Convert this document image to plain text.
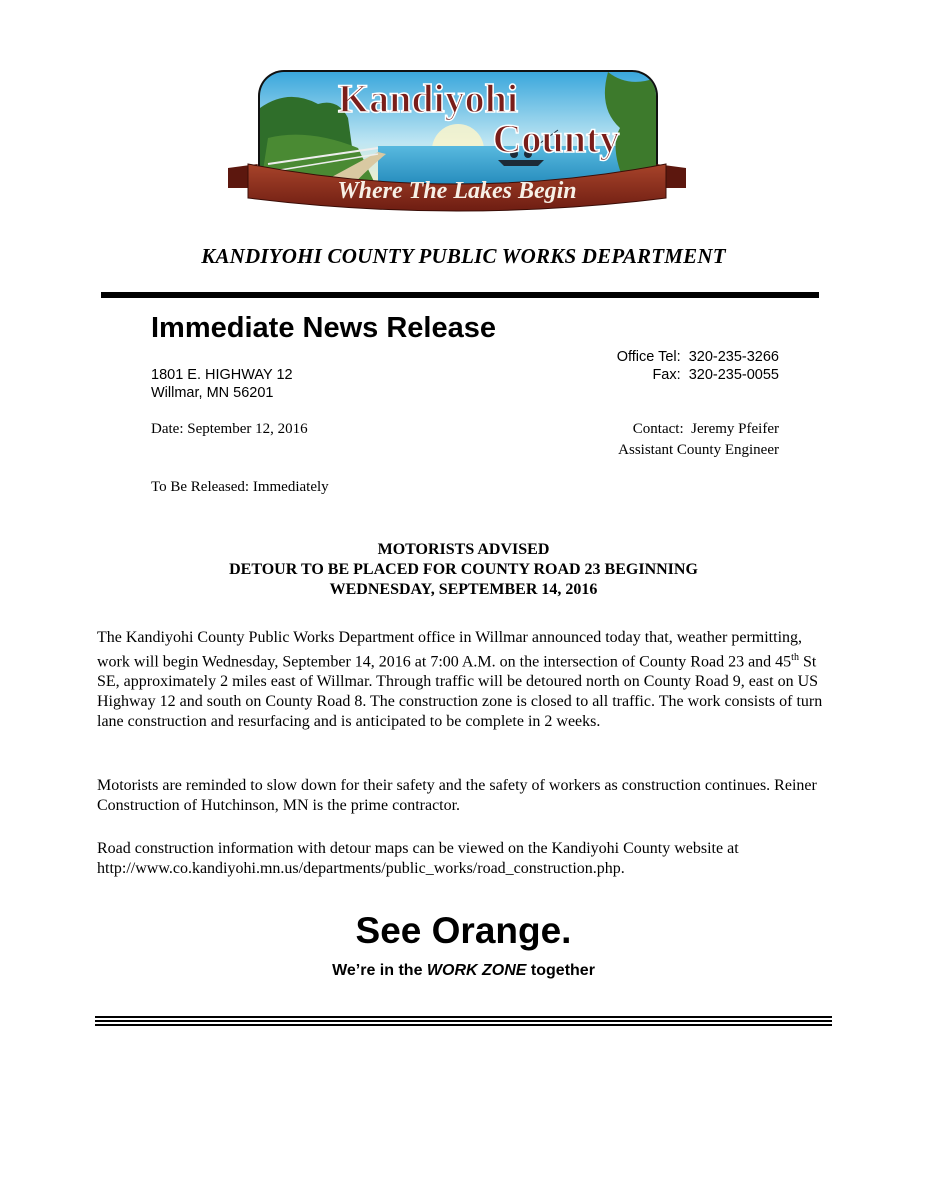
Kandiyohi
County
Where The Lakes Begin
KANDIYOHI COUNTY PUBLIC WORKS DEPARTMENT
Immediate News Release
1801 E. HIGHWAY 12
Willmar, MN 56201
Office Tel:  320-235-3266
Fax:  320-235-0055
Date: September 12, 2016	Contact:  Jeremy Pfeifer
Assistant County Engineer
To Be Released: Immediately
MOTORISTS ADVISED
DETOUR TO BE PLACED FOR COUNTY ROAD 23 BEGINNING
WEDNESDAY, SEPTEMBER 14, 2016
The Kandiyohi County Public Works Department office in Willmar announced today that, weather permitting, work will begin Wednesday, September 14, 2016 at 7:00 A.M. on the intersection of County Road 23 and 45th St SE, approximately 2 miles east of Willmar. Through traffic will be detoured north on County Road 9, east on US Highway 12 and south on County Road 8. The construction zone is closed to all traffic. The work consists of turn lane construction and resurfacing and is anticipated to be complete in 2 weeks.
Motorists are reminded to slow down for their safety and the safety of workers as construction continues. Reiner Construction of Hutchinson, MN is the prime contractor.
Road construction information with detour maps can be viewed on the Kandiyohi County website at
http://www.co.kandiyohi.mn.us/departments/public_works/road_construction.php.
See Orange.
We’re in the WORK ZONE together
